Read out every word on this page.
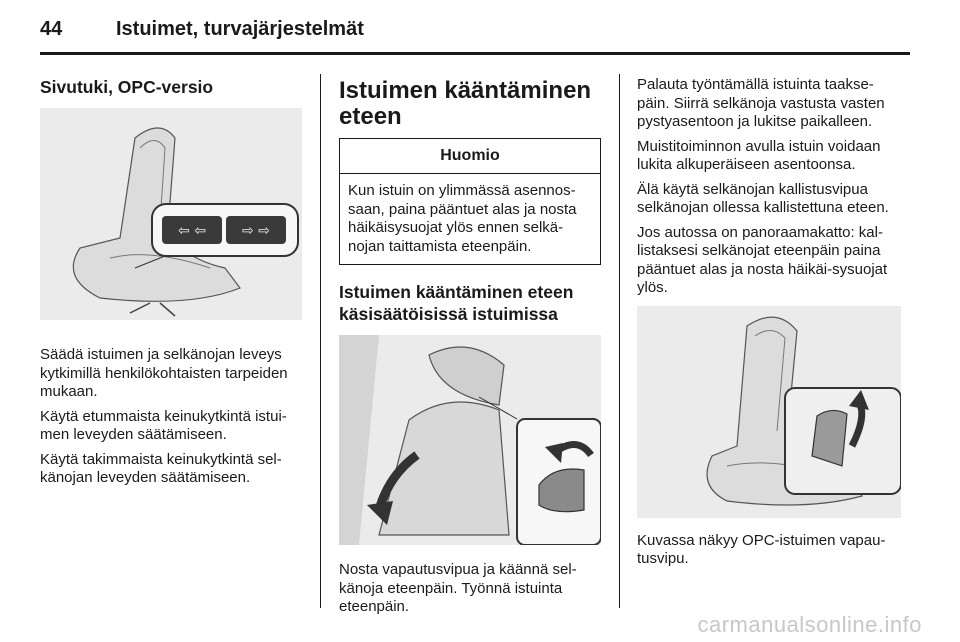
44	Istuimet, turvajärjestelmät
Sivutuki, OPC-versio
⇦ ⇦	⇨ ⇨

Säädä istuimen ja selkänojan leveys kytkimillä henkilökohtaisten tarpeiden mukaan.

Käytä etummaista keinukytkintä istui-men leveyden säätämiseen.

Käytä takimmaista keinukytkintä sel-känojan leveyden säätämiseen.

Istuimen kääntäminen
eteen
Huomio
Kun istuin on ylimmässä asennos-saan, paina pääntuet alas ja nosta häikäisysuojat ylös ennen selkä-nojan taittamista eteenpäin.
Istuimen kääntäminen eteen
käsisäätöisissä istuimissa

Nosta vapautusvipua ja käännä sel-känoja eteenpäin. Työnnä istuinta eteenpäin.

Palauta työntämällä istuinta taakse-päin. Siirrä selkänoja vastusta vasten pystyasentoon ja lukitse paikalleen.

Muistitoiminnon avulla istuin voidaan lukita alkuperäiseen asentoonsa.

Älä käytä selkänojan kallistusvipua selkänojan ollessa kallistettuna eteen.

Jos autossa on panoraamakatto: kal-listaksesi selkänojat eteenpäin paina pääntuet alas ja nosta häikäi-sysuojat ylös.

Kuvassa näkyy OPC-istuimen vapau-tusvipu.

carmanualsonline.info
